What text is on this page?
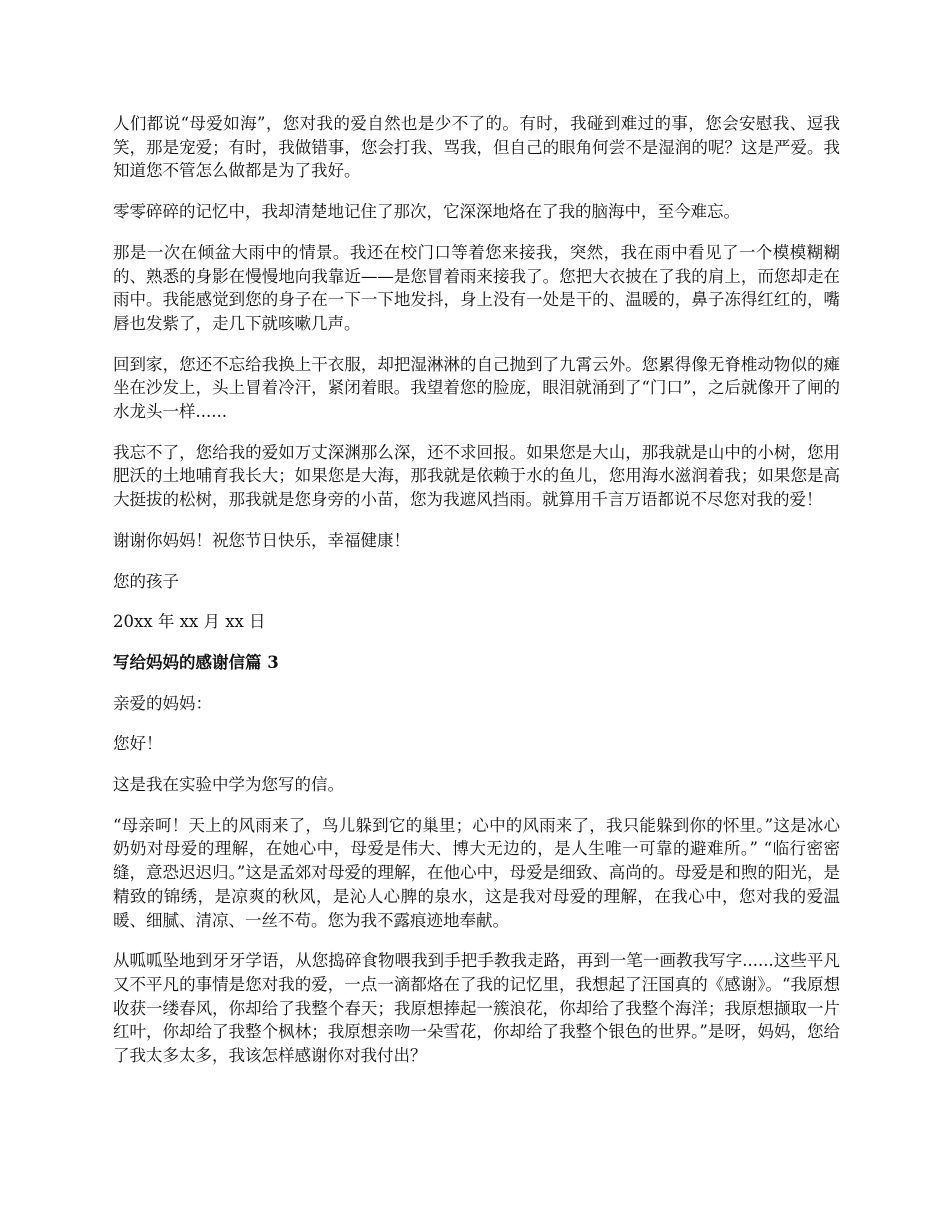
人们都说“母爱如海”，您对我的爱自然也是少不了的。有时，我碰到难过的事，您会安慰我、逗我笑，那是宠爱；有时，我做错事，您会打我、骂我，但自己的眼角何尝不是湿润的呢？这是严爱。我知道您不管怎么做都是为了我好。

零零碎碎的记忆中，我却清楚地记住了那次，它深深地烙在了我的脑海中，至今难忘。

那是一次在倾盆大雨中的情景。我还在校门口等着您来接我，突然，我在雨中看见了一个模模糊糊的、熟悉的身影在慢慢地向我靠近——是您冒着雨来接我了。您把大衣披在了我的肩上，而您却走在雨中。我能感觉到您的身子在一下一下地发抖，身上没有一处是干的、温暖的，鼻子冻得红红的，嘴唇也发紫了，走几下就咳嗽几声。

回到家，您还不忘给我换上干衣服，却把湿淋淋的自己抛到了九霄云外。您累得像无脊椎动物似的瘫坐在沙发上，头上冒着冷汗，紧闭着眼。我望着您的脸庞，眼泪就涌到了“门口”，之后就像开了闸的水龙头一样......

我忘不了，您给我的爱如万丈深渊那么深，还不求回报。如果您是大山，那我就是山中的小树，您用肥沃的土地哺育我长大；如果您是大海，那我就是依赖于水的鱼儿，您用海水滋润着我；如果您是高大挺拔的松树，那我就是您身旁的小苗，您为我遮风挡雨。就算用千言万语都说不尽您对我的爱！

谢谢你妈妈！祝您节日快乐，幸福健康！

您的孩子

20xx 年 xx 月 xx 日

写给妈妈的感谢信篇 3

亲爱的妈妈：

您好！

这是我在实验中学为您写的信。

“母亲呵！天上的风雨来了，鸟儿躲到它的巢里；心中的风雨来了，我只能躲到你的怀里。”这是冰心奶奶对母爱的理解，在她心中，母爱是伟大、博大无边的，是人生唯一可靠的避难所。” “临行密密缝，意恐迟迟归。”这是孟郊对母爱的理解，在他心中，母爱是细致、高尚的。母爱是和煦的阳光，是精致的锦绣，是凉爽的秋风，是沁人心脾的泉水，这是我对母爱的理解，在我心中，您对我的爱温暖、细腻、清凉、一丝不苟。您为我不露痕迹地奉献。

从呱呱坠地到牙牙学语，从您捣碎食物喂我到手把手教我走路，再到一笔一画教我写字......这些平凡又不平凡的事情是您对我的爱，一点一滴都烙在了我的记忆里，我想起了汪国真的《感谢》。“我原想收获一缕春风，你却给了我整个春天；我原想捧起一簇浪花，你却给了我整个海洋；我原想撷取一片红叶，你却给了我整个枫林；我原想亲吻一朵雪花，你却给了我整个银色的世界。”是呀，妈妈，您给了我太多太多，我该怎样感谢你对我付出？
